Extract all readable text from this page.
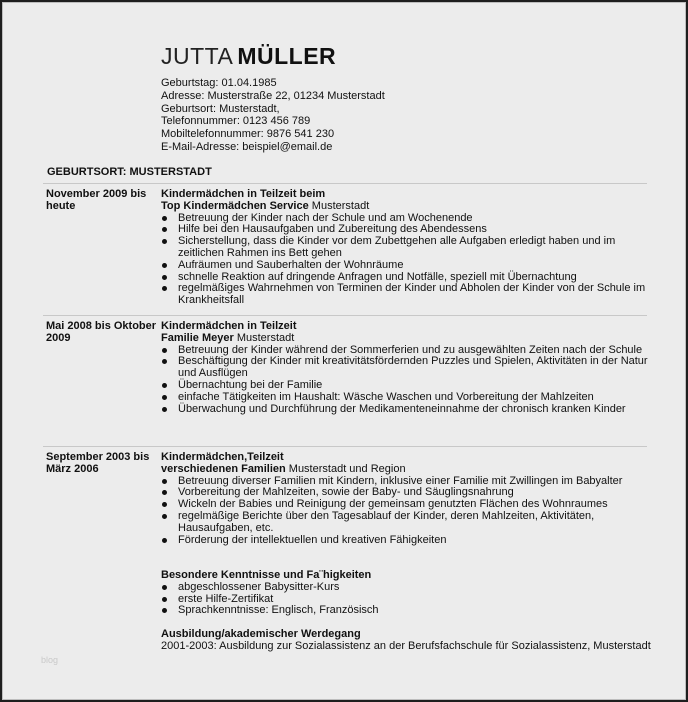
JUTTA MÜLLER
Geburtstag: 01.04.1985
Adresse: Musterstraße 22, 01234 Musterstadt
Geburtsort: Musterstadt,
Telefonnummer: 0123 456 789
Mobiltelefonnummer: 9876 541 230
E-Mail-Adresse: beispiel@email.de
GEBURTSORT: MUSTERSTADT
November 2009 bis heute
Kindermädchen in Teilzeit beim
Top Kindermädchen Service Musterstadt
Betreuung der Kinder nach der Schule und am Wochenende
Hilfe bei den Hausaufgaben und Zubereitung des Abendessens
Sicherstellung, dass die Kinder vor dem Zubettgehen alle Aufgaben erledigt haben und im zeitlichen Rahmen ins Bett gehen
Aufräumen und Sauberhalten der Wohnräume
schnelle Reaktion auf dringende Anfragen und Notfälle, speziell mit Übernachtung
regelmäßiges Wahrnehmen von Terminen der Kinder und Abholen der Kinder von der Schule im Krankheitsfall
Mai 2008 bis Oktober 2009
Kindermädchen in Teilzeit
Familie Meyer Musterstadt
Betreuung der Kinder während der Sommerferien und zu ausgewählten Zeiten nach der Schule
Beschäftigung der Kinder mit kreativitätsfördernden Puzzles und Spielen, Aktivitäten in der Natur und Ausflügen
Übernachtung bei der Familie
einfache Tätigkeiten im Haushalt: Wäsche Waschen und Vorbereitung der Mahlzeiten
Überwachung und Durchführung der Medikamenteneinnahme der chronisch kranken Kinder
September 2003 bis März 2006
Kindermädchen,Teilzeit
verschiedenen Familien Musterstadt und Region
Betreuung diverser Familien mit Kindern, inklusive einer Familie mit Zwillingen im Babyalter
Vorbereitung der Mahlzeiten, sowie der Baby- und Säuglingsnahrung
Wickeln der Babies und Reinigung der gemeinsam genutzten Flächen des Wohnraumes
regelmäßige Berichte über den Tagesablauf der Kinder, deren Mahlzeiten, Aktivitäten, Hausaufgaben, etc.
Förderung der intellektuellen und kreativen Fähigkeiten
Besondere Kenntnisse und Fa¨higkeiten
abgeschlossener Babysitter-Kurs
erste Hilfe-Zertifikat
Sprachkenntnisse: Englisch, Französisch
Ausbildung/akademischer Werdegang
2001-2003: Ausbildung zur Sozialassistenz an der Berufsfachschule für Sozialassistenz, Musterstadt
blog
